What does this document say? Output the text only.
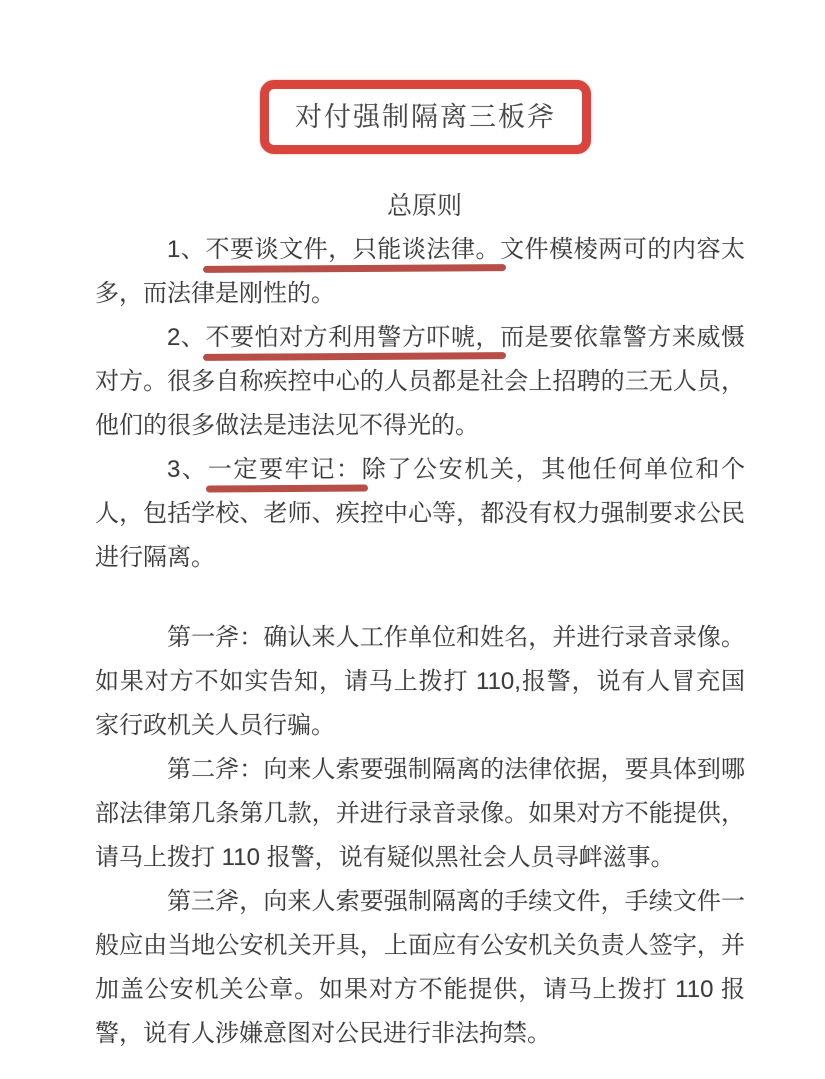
对付强制隔离三板斧
总原则

1、不要谈文件，只能谈法律。文件模棱两可的内容太多，而法律是刚性的。

2、不要怕对方利用警方吓唬，而是要依靠警方来威慑对方。很多自称疾控中心的人员都是社会上招聘的三无人员，他们的很多做法是违法见不得光的。

3、一定要牢记：除了公安机关，其他任何单位和个人，包括学校、老师、疾控中心等，都没有权力强制要求公民进行隔离。

第一斧：确认来人工作单位和姓名，并进行录音录像。如果对方不如实告知，请马上拨打 110,报警，说有人冒充国家行政机关人员行骗。

第二斧：向来人索要强制隔离的法律依据，要具体到哪部法律第几条第几款，并进行录音录像。如果对方不能提供，请马上拨打 110 报警，说有疑似黑社会人员寻衅滋事。

第三斧，向来人索要强制隔离的手续文件，手续文件一般应由当地公安机关开具，上面应有公安机关负责人签字，并加盖公安机关公章。如果对方不能提供，请马上拨打 110 报警，说有人涉嫌意图对公民进行非法拘禁。
